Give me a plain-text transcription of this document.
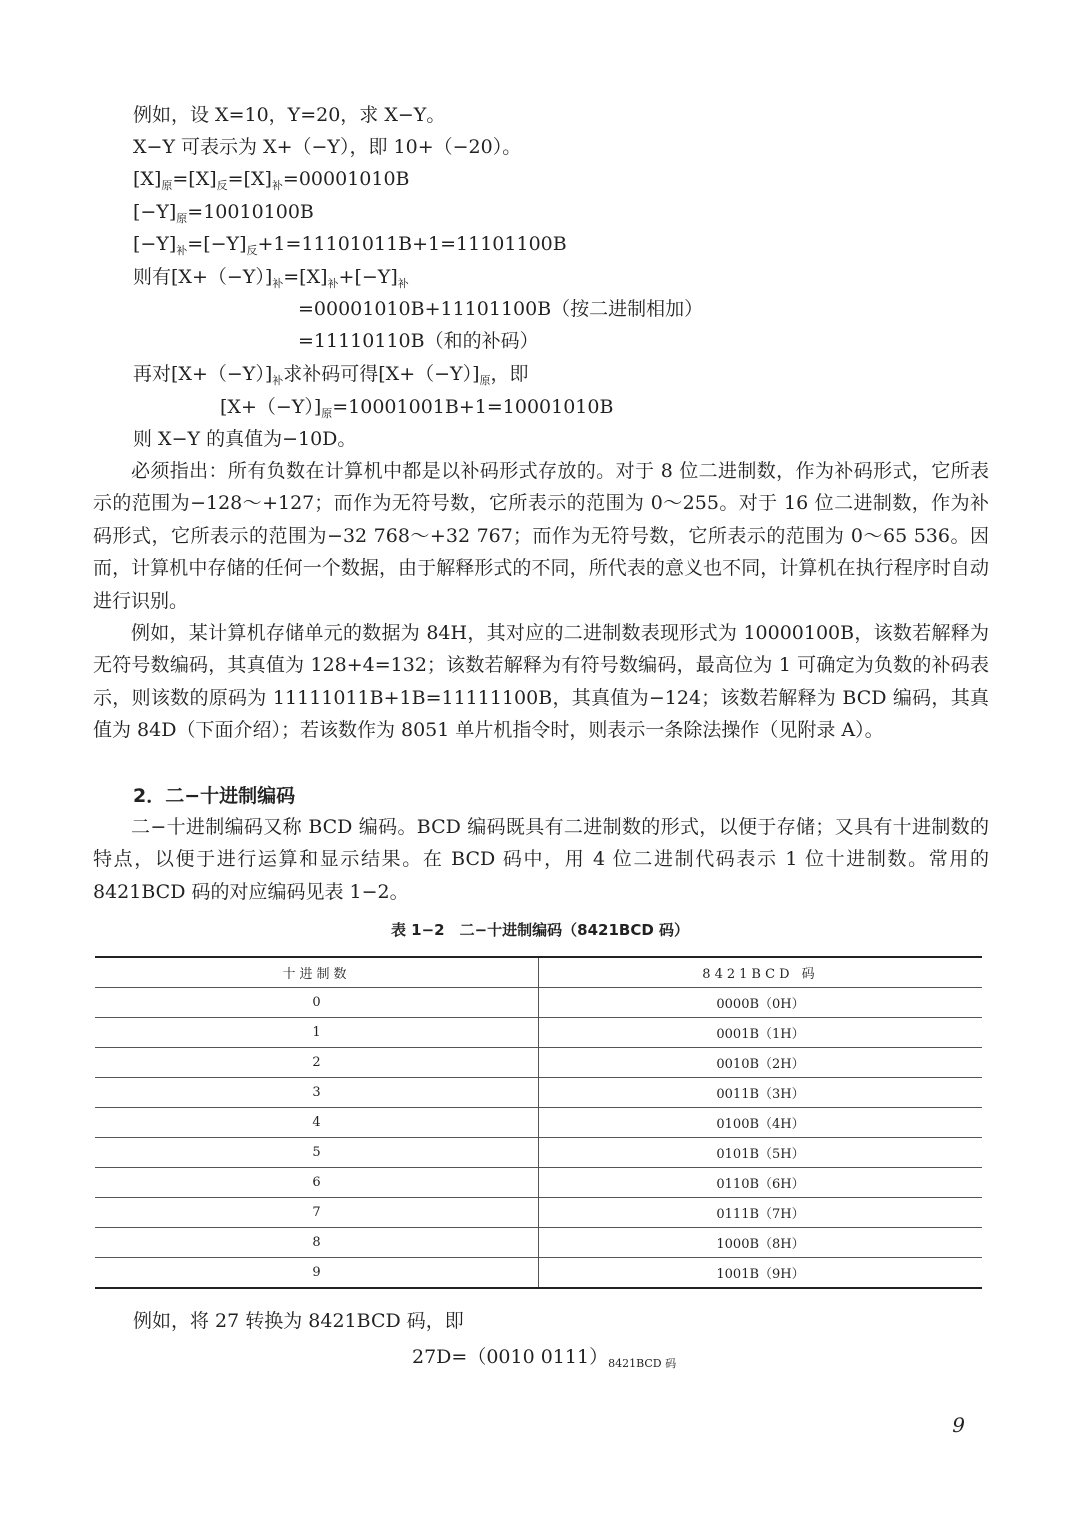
例如，设 X=10，Y=20，求 X−Y。
X−Y 可表示为 X+（−Y），即 10+（−20）。
$[X]_原=[X]_反=[X]_补=00001010B$
$[-Y]_原=10010100B$
$[-Y]_补=[-Y]_反+1=11101011B+1=11101100B$
则有$[X+(-Y)]_补=[X]_补+[-Y]_补$
=00001010B+11101100B（按二进制相加）
=11110110B（和的补码）
再对$[X+(-Y)]_补$求补码可得$[X+(-Y)]_原$，即
$[X+(-Y)]_原=10001001B+1=10001010B$
则 X−Y 的真值为−10D。
必须指出：所有负数在计算机中都是以补码形式存放的。对于 8 位二进制数，作为补码形式，它所表示的范围为−128～+127；而作为无符号数，它所表示的范围为 0～255。对于 16 位二进制数，作为补码形式，它所表示的范围为−32 768～+32 767；而作为无符号数，它所表示的范围为 0～65 536。因而，计算机中存储的任何一个数据，由于解释形式的不同，所代表的意义也不同，计算机在执行程序时自动进行识别。
例如，某计算机存储单元的数据为 84H，其对应的二进制数表现形式为 10000100B，该数若解释为无符号数编码，其真值为 128+4=132；该数若解释为有符号数编码，最高位为 1 可确定为负数的补码表示，则该数的原码为 11111011B+1B=11111100B，其真值为−124；该数若解释为 BCD 编码，其真值为 84D（下面介绍）；若该数作为 8051 单片机指令时，则表示一条除法操作（见附录 A）。
2．二−十进制编码
二−十进制编码又称 BCD 编码。BCD 编码既具有二进制数的形式，以便于存储；又具有十进制数的特点，以便于进行运算和显示结果。在 BCD 码中，用 4 位二进制代码表示 1 位十进制数。常用的 8421BCD 码的对应编码见表 1−2。
表 1−2　二−十进制编码（8421BCD 码）
十进制数	8421BCD 码
0	0000B（0H）
1	0001B（1H）
2	0010B（2H）
3	0011B（3H）
4	0100B（4H）
5	0101B（5H）
6	0110B（6H）
7	0111B（7H）
8	1000B（8H）
9	1001B（9H）
例如，将 27 转换为 8421BCD 码，即
27D=（0010 $0111)_{8421BCD 码}$
9
